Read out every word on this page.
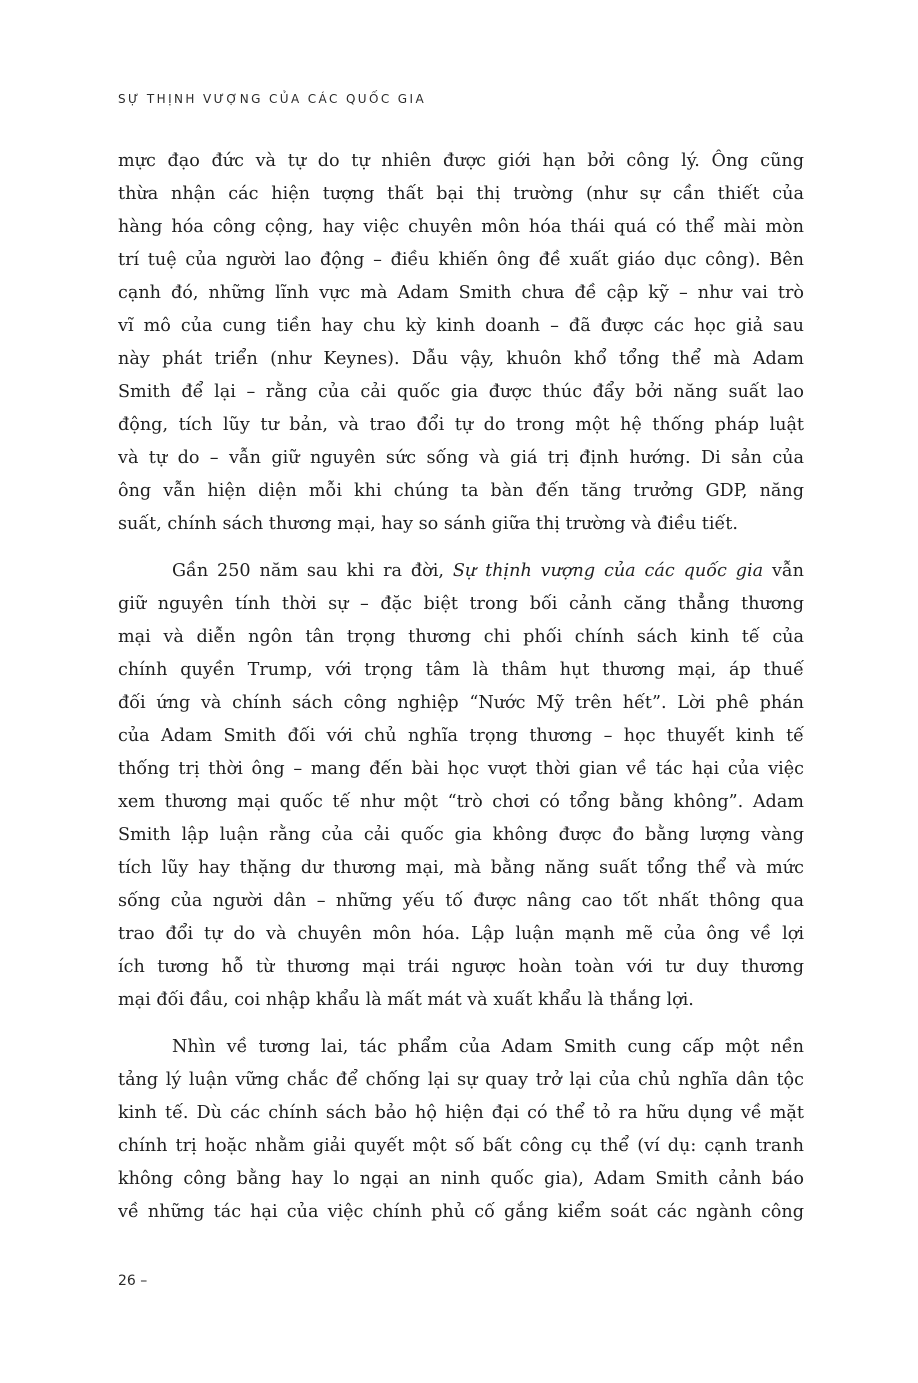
SỰ THỊNH VƯỢNG CỦA CÁC QUỐC GIA
mực đạo đức và tự do tự nhiên được giới hạn bởi công lý. Ông cũng
thừa nhận các hiện tượng thất bại thị trường (như sự cần thiết của
hàng hóa công cộng, hay việc chuyên môn hóa thái quá có thể mài mòn
trí tuệ của người lao động – điều khiến ông đề xuất giáo dục công). Bên
cạnh đó, những lĩnh vực mà Adam Smith chưa đề cập kỹ – như vai trò
vĩ mô của cung tiền hay chu kỳ kinh doanh – đã được các học giả sau
này phát triển (như Keynes). Dẫu vậy, khuôn khổ tổng thể mà Adam
Smith để lại – rằng của cải quốc gia được thúc đẩy bởi năng suất lao
động, tích lũy tư bản, và trao đổi tự do trong một hệ thống pháp luật
và tự do – vẫn giữ nguyên sức sống và giá trị định hướng. Di sản của
ông vẫn hiện diện mỗi khi chúng ta bàn đến tăng trưởng GDP, năng
suất, chính sách thương mại, hay so sánh giữa thị trường và điều tiết.
Gần 250 năm sau khi ra đời, Sự thịnh vượng của các quốc gia vẫn
giữ nguyên tính thời sự – đặc biệt trong bối cảnh căng thẳng thương
mại và diễn ngôn tân trọng thương chi phối chính sách kinh tế của
chính quyền Trump, với trọng tâm là thâm hụt thương mại, áp thuế
đối ứng và chính sách công nghiệp “Nước Mỹ trên hết”. Lời phê phán
của Adam Smith đối với chủ nghĩa trọng thương – học thuyết kinh tế
thống trị thời ông – mang đến bài học vượt thời gian về tác hại của việc
xem thương mại quốc tế như một “trò chơi có tổng bằng không”. Adam
Smith lập luận rằng của cải quốc gia không được đo bằng lượng vàng
tích lũy hay thặng dư thương mại, mà bằng năng suất tổng thể và mức
sống của người dân – những yếu tố được nâng cao tốt nhất thông qua
trao đổi tự do và chuyên môn hóa. Lập luận mạnh mẽ của ông về lợi
ích tương hỗ từ thương mại trái ngược hoàn toàn với tư duy thương
mại đối đầu, coi nhập khẩu là mất mát và xuất khẩu là thắng lợi.
Nhìn về tương lai, tác phẩm của Adam Smith cung cấp một nền
tảng lý luận vững chắc để chống lại sự quay trở lại của chủ nghĩa dân tộc
kinh tế. Dù các chính sách bảo hộ hiện đại có thể tỏ ra hữu dụng về mặt
chính trị hoặc nhằm giải quyết một số bất công cụ thể (ví dụ: cạnh tranh
không công bằng hay lo ngại an ninh quốc gia), Adam Smith cảnh báo
về những tác hại của việc chính phủ cố gắng kiểm soát các ngành công
26 –
